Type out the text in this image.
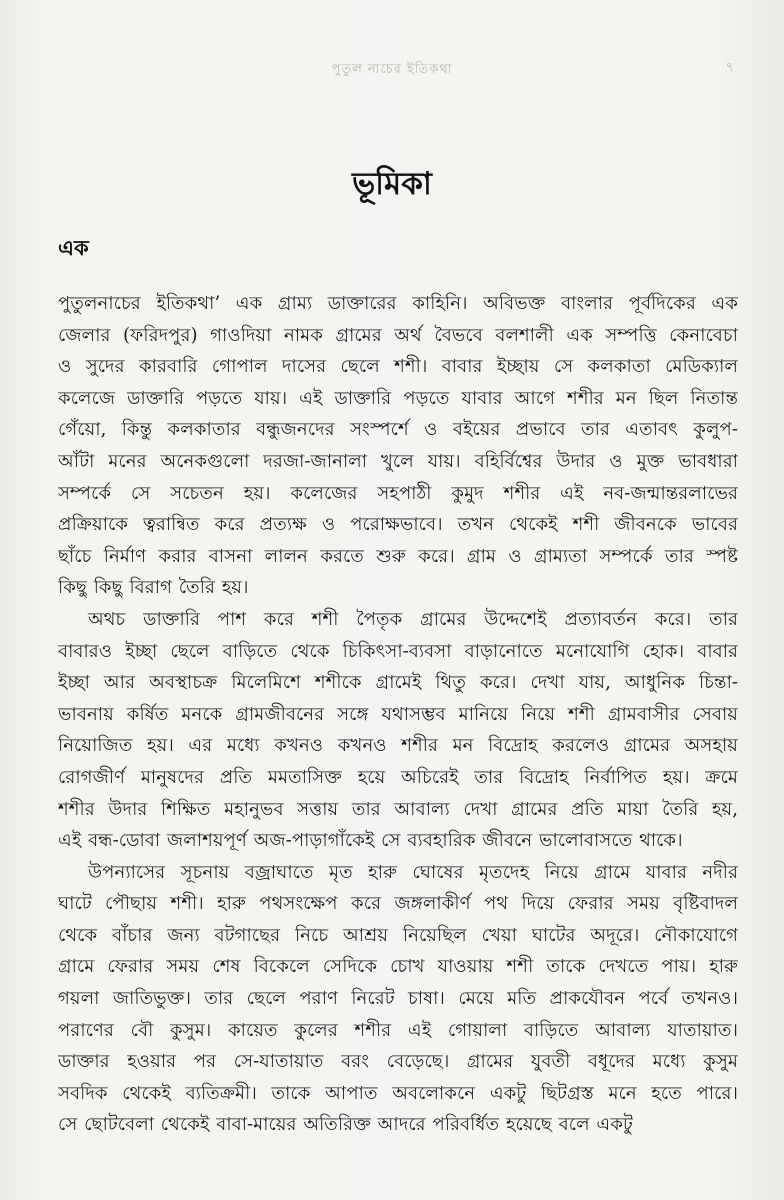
পুতুল নাচের ইতিকথা	৭
ভূমিকা
এক

পুতুলনাচের ইতিকথা’ এক গ্রাম্য ডাক্তারের কাহিনি। অবিভক্ত বাংলার পূর্বদিকের এক
জেলার (ফরিদপুর) গাওদিয়া নামক গ্রামের অর্থ বৈভবে বলশালী এক সম্পত্তি কেনাবেচা
ও সুদের কারবারি গোপাল দাসের ছেলে শশী। বাবার ইচ্ছায় সে কলকাতা মেডিক্যাল
কলেজে ডাক্তারি পড়তে যায়। এই ডাক্তারি পড়তে যাবার আগে শশীর মন ছিল নিতান্ত
গেঁয়ো, কিন্তু কলকাতার বন্ধুজনদের সংস্পর্শে ও বইয়ের প্রভাবে তার এতাবৎ কুলুপ-
আঁটা মনের অনেকগুলো দরজা-জানালা খুলে যায়। বহির্বিশ্বের উদার ও মুক্ত ভাবধারা
সম্পর্কে সে সচেতন হয়। কলেজের সহপাঠী কুমুদ শশীর এই নব-জন্মান্তরলাভের
প্রক্রিয়াকে ত্বরান্বিত করে প্রত্যক্ষ ও পরোক্ষভাবে। তখন থেকেই শশী জীবনকে ভাবের
ছাঁচে নির্মাণ করার বাসনা লালন করতে শুরু করে। গ্রাম ও গ্রাম্যতা সম্পর্কে তার স্পষ্ট
কিছু কিছু বিরাগ তৈরি হয়।

অথচ ডাক্তারি পাশ করে শশী পৈতৃক গ্রামের উদ্দেশেই প্রত্যাবর্তন করে। তার
বাবারও ইচ্ছা ছেলে বাড়িতে থেকে চিকিৎসা-ব্যবসা বাড়ানোতে মনোযোগি হোক। বাবার
ইচ্ছা আর অবস্থাচক্র মিলেমিশে শশীকে গ্রামেই থিতু করে। দেখা যায়, আধুনিক চিন্তা-
ভাবনায় কর্ষিত মনকে গ্রামজীবনের সঙ্গে যথাসম্ভব মানিয়ে নিয়ে শশী গ্রামবাসীর সেবায়
নিয়োজিত হয়। এর মধ্যে কখনও কখনও শশীর মন বিদ্রোহ করলেও গ্রামের অসহায়
রোগজীর্ণ মানুষদের প্রতি মমতাসিক্ত হয়ে অচিরেই তার বিদ্রোহ নির্বাপিত হয়। ক্রমে
শশীর উদার শিক্ষিত মহানুভব সত্তায় তার আবাল্য দেখা গ্রামের প্রতি মায়া তৈরি হয়,
এই বন্ধ-ডোবা জলাশয়পূর্ণ অজ-পাড়াগাঁকেই সে ব্যবহারিক জীবনে ভালোবাসতে থাকে।

উপন্যাসের সূচনায় বজ্রাঘাতে মৃত হারু ঘোষের মৃতদেহ নিয়ে গ্রামে যাবার নদীর
ঘাটে পৌছায় শশী। হারু পথসংক্ষেপ করে জঙ্গলাকীর্ণ পথ দিয়ে ফেরার সময় বৃষ্টিবাদল
থেকে বাঁচার জন্য বটগাছের নিচে আশ্রয় নিয়েছিল খেয়া ঘাটের অদূরে। নৌকাযোগে
গ্রামে ফেরার সময় শেষ বিকেলে সেদিকে চোখ যাওয়ায় শশী তাকে দেখতে পায়। হারু
গয়লা জাতিভুক্ত। তার ছেলে পরাণ নিরেট চাষা। মেয়ে মতি প্রাকযৌবন পর্বে তখনও।
পরাণের বৌ কুসুম। কায়েত কুলের শশীর এই গোয়ালা বাড়িতে আবাল্য যাতায়াত।
ডাক্তার হওয়ার পর সে-যাতায়াত বরং বেড়েছে। গ্রামের যুবতী বধূদের মধ্যে কুসুম
সবদিক থেকেই ব্যতিক্রমী। তাকে আপাত অবলোকনে একটু ছিটগ্রস্ত মনে হতে পারে।
সে ছোটবেলা থেকেই বাবা-মায়ের অতিরিক্ত আদরে পরিবর্ধিত হয়েছে বলে একটু
